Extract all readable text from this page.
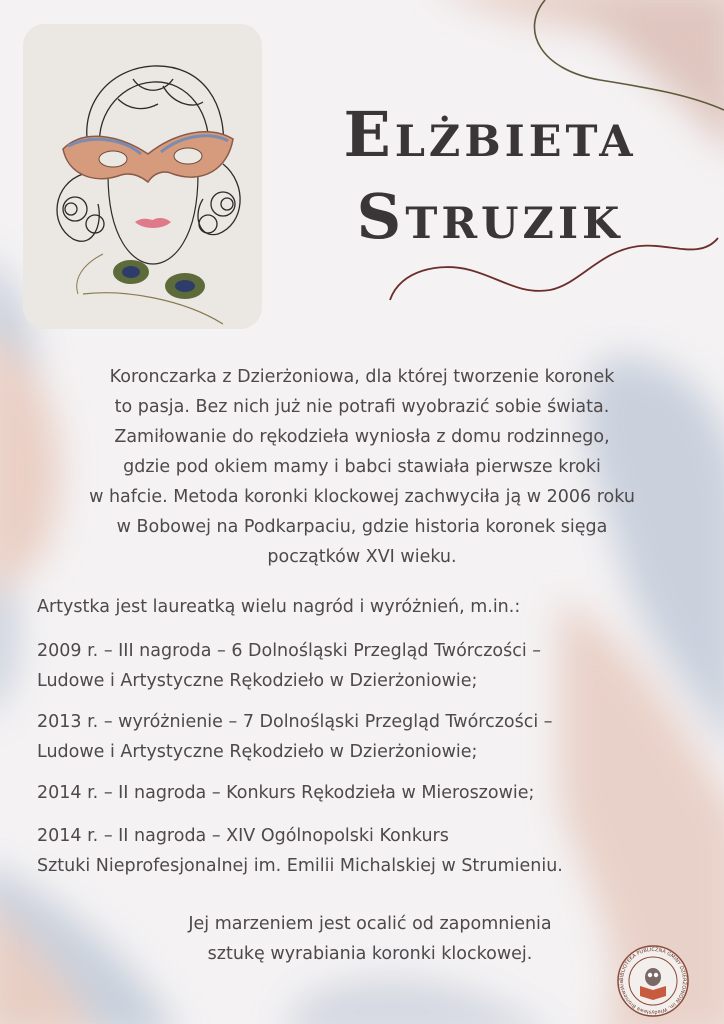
Elżbieta
Struzik

Koronczarka z Dzierżoniowa, dla której tworzenie koronek
to pasja. Bez nich już nie potrafi wyobrazić sobie świata.
Zamiłowanie do rękodzieła wyniosła z domu rodzinnego,
gdzie pod okiem mamy i babci stawiała pierwsze kroki
w hafcie. Metoda koronki klockowej zachwyciła ją w 2006 roku
w Bobowej na Podkarpaciu, gdzie historia koronek sięga
początków XVI wieku.

Artystka jest laureatką wielu nagród i wyróżnień, m.in.:

2009 r. – III nagroda – 6 Dolnośląski Przegląd Twórczości –
Ludowe i Artystyczne Rękodzieło w Dzierżoniowie;

2013 r. – wyróżnienie – 7 Dolnośląski Przegląd Twórczości –
Ludowe i Artystyczne Rękodzieło w Dzierżoniowie;

2014 r. – II nagroda – Konkurs Rękodzieła w Mieroszowie;

2014 r. – II nagroda – XIV Ogólnopolski Konkurs
Sztuki Nieprofesjonalnej im. Emilii Michalskiej w Strumieniu.

Jej marzeniem jest ocalić od zapomnienia
sztukę wyrabiania koronki klockowej.

BIBLIOTEKA PUBLICZNA GMINY DZIERŻONIÓW im. Władysława Broniewskie
